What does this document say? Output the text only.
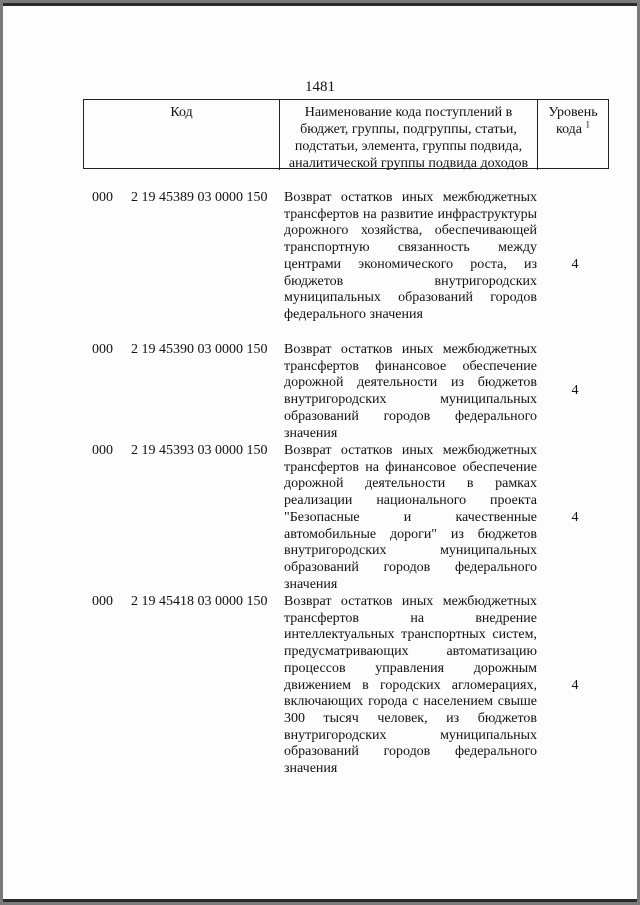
1481
Код	Наименование кода поступлений в бюджет, группы, подгруппы, статьи, подстатьи, элемента, группы подвида, аналитической группы подвида доходов
Уровень кода $^1$
000 2 19 45389 03 0000 150 Возврат остатков иных межбюджетных трансфертов на развитие инфраструктуры дорожного хозяйства, обеспечивающей транспортную связанность между центрами экономического роста, из бюджетов внутригородских муниципальных образований городов федерального значения
4
000 2 19 45390 03 0000 150 Возврат остатков иных межбюджетных трансфертов финансовое обеспечение дорожной деятельности из бюджетов внутригородских муниципальных образований городов федерального значения
4
000 2 19 45393 03 0000 150 Возврат остатков иных межбюджетных трансфертов на финансовое обеспечение дорожной деятельности в рамках реализации национального проекта "Безопасные и качественные автомобильные дороги" из бюджетов внутригородских муниципальных образований городов федерального значения
4
000 2 19 45418 03 0000 150 Возврат остатков иных межбюджетных трансфертов на внедрение интеллектуальных транспортных систем, предусматривающих автоматизацию процессов управления дорожным движением в городских агломерациях, включающих города с населением свыше 300 тысяч человек, из бюджетов внутригородских муниципальных образований городов федерального значения
4
